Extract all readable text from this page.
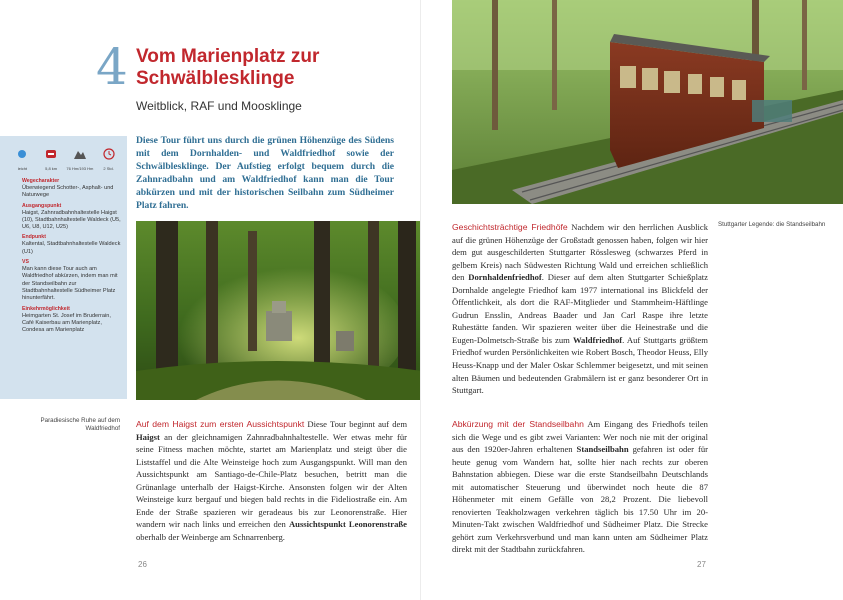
4 Vom Marienplatz zur Schwälblesklinge
Weitblick, RAF und Moosklinge
leicht	5,8 km 76 Hm/193 Hm	2 Std.
Wegecharakter
Überwiegend Schotter-, Asphalt- und Naturwege
Ausgangspunkt
Haigst, Zahnradbahnhaltestelle Haigst (10), Stadtbahnhaltestelle Waldeck (U5, U6, U8, U12, U25)
Endpunkt
Kaltental, Stadtbahnhaltestelle Waldeck (U1)
VS
Man kann diese Tour auch am Waldfriedhof abkürzen, indem man mit der Standseilbahn zur Stadtbahnhaltestelle Südheimer Platz hinunterfährt.
Einkehrmöglichkeit
Heimgarten St. Josef im Bruderrain, Café Kaiserbau am Marienplatz, Condesa am Marienplatz
Diese Tour führt uns durch die grünen Höhenzüge des Südens mit dem Dornhalden- und Waldfriedhof sowie der Schwälblesklinge. Der Aufstieg erfolgt bequem durch die Zahnradbahn und am Waldfriedhof kann man die Tour abkürzen und mit der historischen Seilbahn zum Südheimer Platz fahren.
Paradiesische Ruhe auf dem Waldfriedhof Auf dem Haigst zum ersten Aussichtspunkt Diese Tour beginnt auf dem Haigst an der gleichnamigen Zahnradbahnhaltestelle. Wer etwas mehr für seine Fitness machen möchte, startet am Marienplatz und steigt über die Liststaffel und die Alte Weinsteige hoch zum Ausgangspunkt. Will man den Aussichtspunkt am Santiago-de-Chile-Platz besuchen, betritt man die Grünanlage unterhalb der Haigst-Kirche. Ansonsten folgen wir der Alten Weinsteige kurz bergauf und biegen bald rechts in die Fideliostraße ein. Am Ende der Straße spazieren wir geradeaus bis zur Leonorenstraße. Hier wandern wir nach links und erreichen den Aussichtspunkt Leonorenstraße oberhalb der Weinberge am Schnarrenberg.
26
Stuttgarter Legende: die Standseilbahn
Geschichtsträchtige Friedhöfe Nachdem wir den herrlichen Ausblick auf die grünen Höhenzüge der Großstadt genossen haben, folgen wir hier dem gut ausgeschilderten Stuttgarter Rösslesweg (schwarzes Pferd in gelbem Kreis) nach Südwesten Richtung Wald und erreichen schließlich den Dornhaldenfriedhof. Dieser auf dem alten Stuttgarter Schießplatz Dornhalde angelegte Friedhof kam 1977 international ins Blickfeld der Öffentlichkeit, als dort die RAF-Mitglieder und Stammheim-Häftlinge Gudrun Ensslin, Andreas Baader und Jan Carl Raspe ihre letzte Ruhestätte fanden. Wir spazieren weiter über die Heinestraße und die Eugen-Dolmetsch-Straße bis zum Waldfriedhof. Auf Stuttgarts größtem Friedhof wurden Persönlichkeiten wie Robert Bosch, Theodor Heuss, Elly Heuss-Knapp und der Maler Oskar Schlemmer beigesetzt, und mit seinen alten Bäumen und bedeutenden Grabmälern ist er ganz besonderer Ort in Stuttgart.
Abkürzung mit der Standseilbahn Am Eingang des Friedhofs teilen sich die Wege und es gibt zwei Varianten: Wer noch nie mit der original aus den 1920er-Jahren erhaltenen Standseilbahn gefahren ist oder für heute genug vom Wandern hat, sollte hier nach rechts zur oberen Bahnstation abbiegen. Diese war die erste Standseilbahn Deutschlands mit automatischer Steuerung und überwindet noch heute die 87 Höhenmeter mit einem Gefälle von 28,2 Prozent. Die liebevoll renovierten Teakholzwagen verkehren täglich bis 17.50 Uhr im 20-Minuten-Takt zwischen Waldfriedhof und Südheimer Platz. Die Strecke gehört zum Verkehrsverbund und man kann unten am Südheimer Platz direkt mit der Stadtbahn zurückfahren.
27
